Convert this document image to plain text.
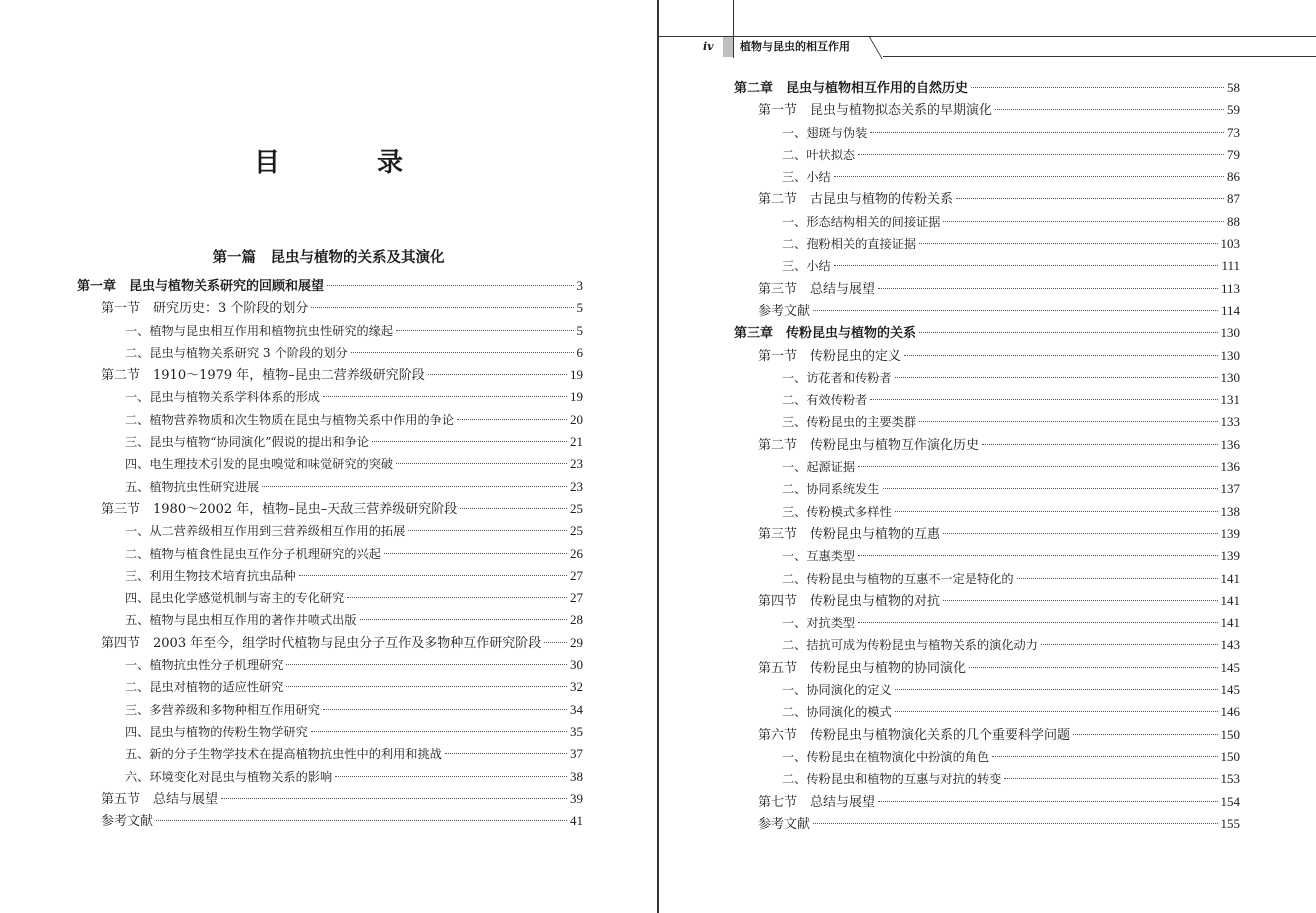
目 录
第一篇　昆虫与植物的关系及其演化
第一章　昆虫与植物关系研究的回顾和展望	3
第一节　研究历史：3 个阶段的划分	5
一、植物与昆虫相互作用和植物抗虫性研究的缘起	5
二、昆虫与植物关系研究 3 个阶段的划分	6
第二节　1910～1979 年，植物–昆虫二营养级研究阶段	19
一、昆虫与植物关系学科体系的形成	19
二、植物营养物质和次生物质在昆虫与植物关系中作用的争论	20
三、昆虫与植物“协同演化”假说的提出和争论	21
四、电生理技术引发的昆虫嗅觉和味觉研究的突破	23
五、植物抗虫性研究进展	23
第三节　1980～2002 年，植物–昆虫–天敌三营养级研究阶段	25
一、从二营养级相互作用到三营养级相互作用的拓展	25
二、植物与植食性昆虫互作分子机理研究的兴起	26
三、利用生物技术培育抗虫品种	27
四、昆虫化学感觉机制与寄主的专化研究	27
五、植物与昆虫相互作用的著作井喷式出版	28
第四节　2003 年至今，组学时代植物与昆虫分子互作及多物种互作研究阶段 29
一、植物抗虫性分子机理研究	30
二、昆虫对植物的适应性研究	32
三、多营养级和多物种相互作用研究	34
四、昆虫与植物的传粉生物学研究	35
五、新的分子生物学技术在提高植物抗虫性中的利用和挑战	37
六、环境变化对昆虫与植物关系的影响	38
第五节　总结与展望	39
参考文献	41
iv	植物与昆虫的相互作用
第二章　昆虫与植物相互作用的自然历史	58
第一节　昆虫与植物拟态关系的早期演化	59
一、翅斑与伪装	73
二、叶状拟态	79
三、小结	86
第二节　古昆虫与植物的传粉关系	87
一、形态结构相关的间接证据	88
二、孢粉相关的直接证据	103
三、小结	111
第三节　总结与展望	113
参考文献	114
第三章　传粉昆虫与植物的关系	130
第一节　传粉昆虫的定义	130
一、访花者和传粉者	130
二、有效传粉者	131
三、传粉昆虫的主要类群	133
第二节　传粉昆虫与植物互作演化历史	136
一、起源证据	136
二、协同系统发生	137
三、传粉模式多样性	138
第三节　传粉昆虫与植物的互惠	139
一、互惠类型	139
二、传粉昆虫与植物的互惠不一定是特化的	141
第四节　传粉昆虫与植物的对抗	141
一、对抗类型	141
二、拮抗可成为传粉昆虫与植物关系的演化动力	143
第五节　传粉昆虫与植物的协同演化	145
一、协同演化的定义	145
二、协同演化的模式	146
第六节　传粉昆虫与植物演化关系的几个重要科学问题	150
一、传粉昆虫在植物演化中扮演的角色	150
二、传粉昆虫和植物的互惠与对抗的转变	153
第七节　总结与展望	154
参考文献	155
